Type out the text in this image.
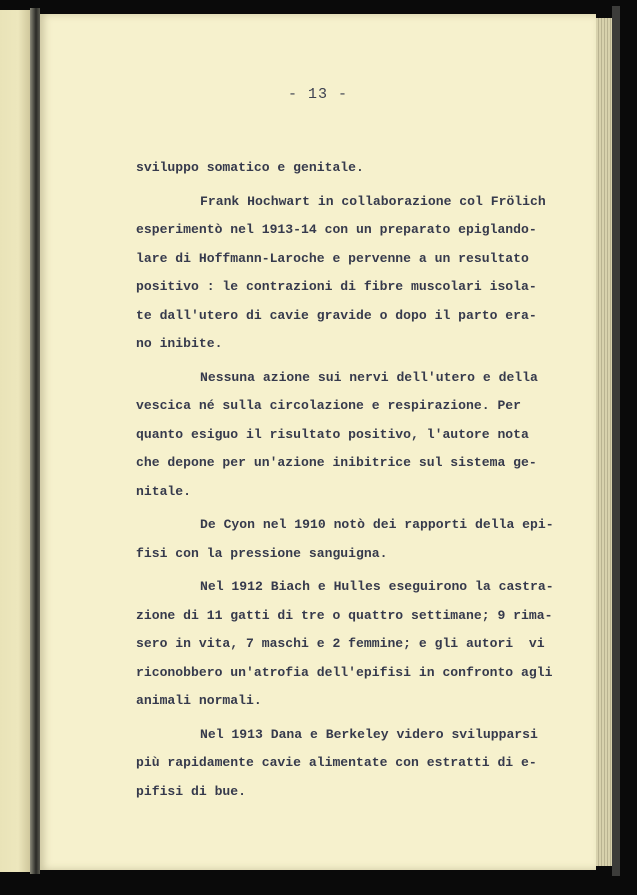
- 13 -
sviluppo somatico e genitale.
Frank Hochwart in collaborazione col Frölich
esperimentò nel 1913-14 con un preparato epiglando-
lare di Hoffmann-Laroche e pervenne a un resultato
positivo : le contrazioni di fibre muscolari isola-
te dall'utero di cavie gravide o dopo il parto era-
no inibite.
Nessuna azione sui nervi dell'utero e della
vescica né sulla circolazione e respirazione. Per
quanto esiguo il risultato positivo, l'autore nota
che depone per un'azione inibitrice sul sistema ge-
nitale.
De Cyon nel 1910 notò dei rapporti della epi-
fisi con la pressione sanguigna.
Nel 1912 Biach e Hulles eseguirono la castra-
zione di 11 gatti di tre o quattro settimane; 9 rima-
sero in vita, 7 maschi e 2 femmine; e gli autori  vi
riconobbero un'atrofia dell'epifisi in confronto agli
animali normali.
Nel 1913 Dana e Berkeley videro svilupparsi
più rapidamente cavie alimentate con estratti di e-
pifisi di bue.
